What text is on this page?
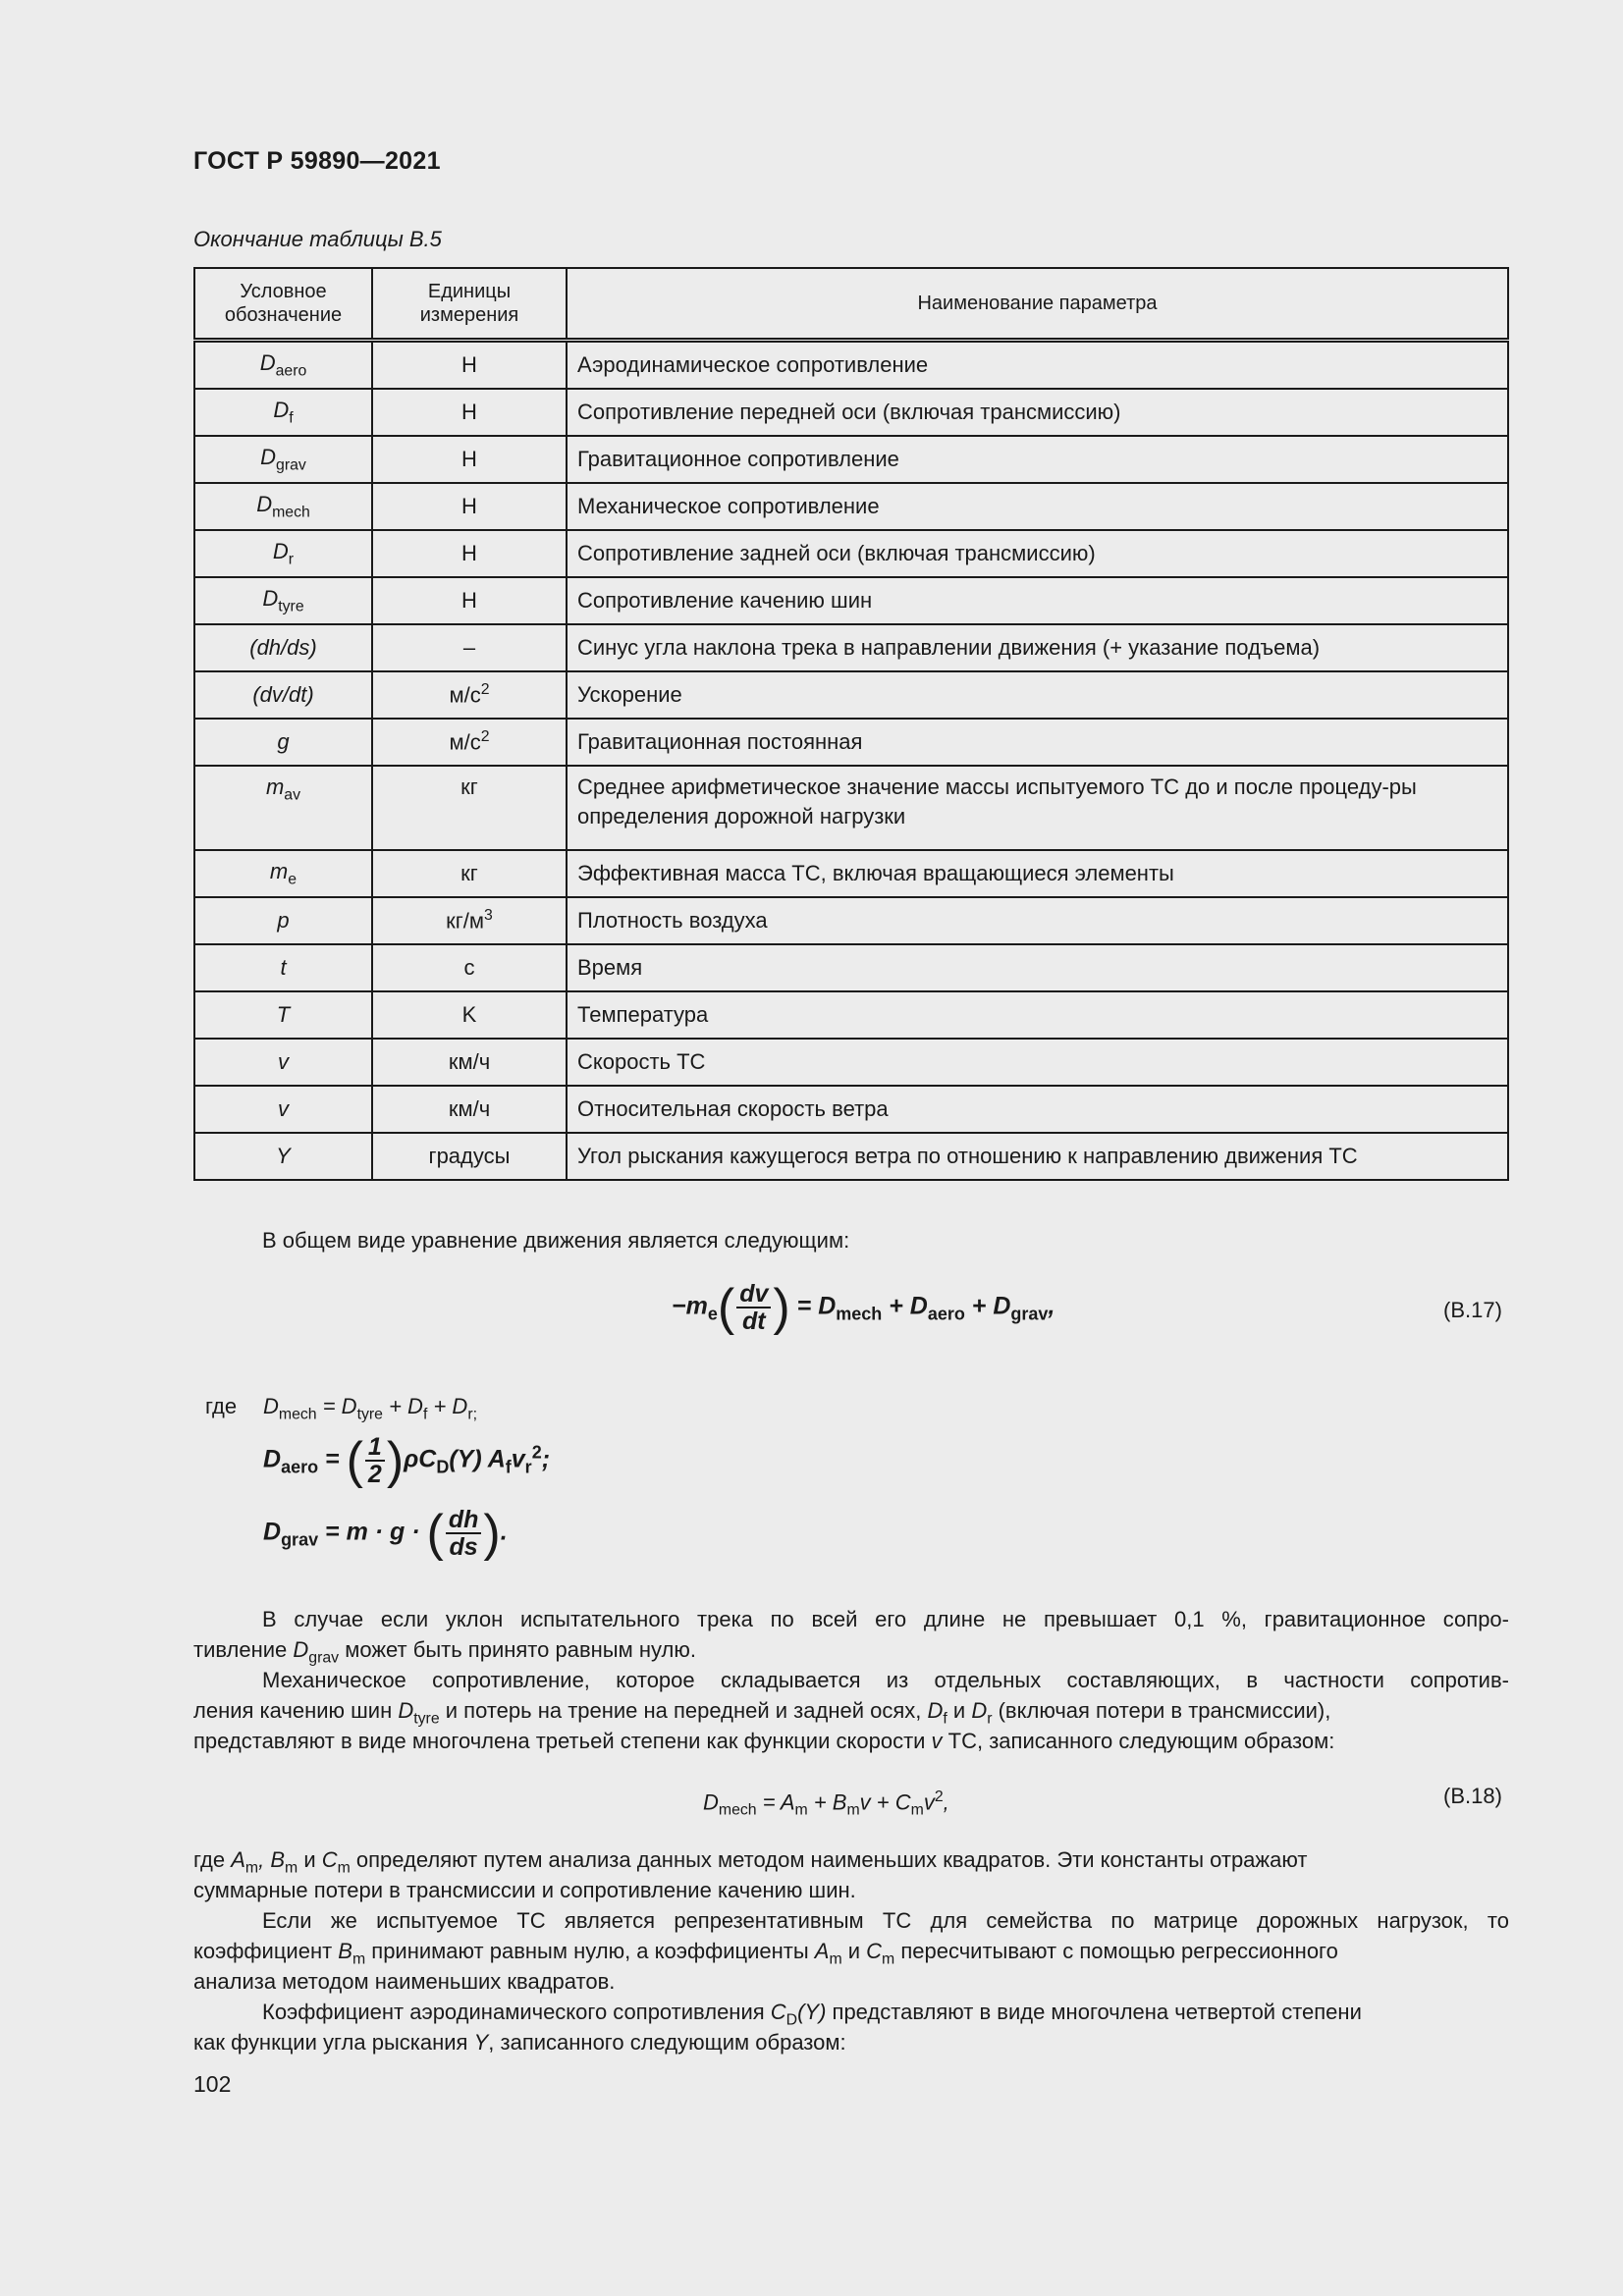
ГОСТ Р 59890—2021
Окончание таблицы В.5
Условное обозначение	Единицы измерения	Наименование параметра
$D_{aero}$	Н	Аэродинамическое сопротивление
$D_f$	Н	Сопротивление передней оси (включая трансмиссию)
$D_{grav}$	Н	Гравитационное сопротивление
$D_{mech}$	Н	Механическое сопротивление
$D_r$	Н	Сопротивление задней оси (включая трансмиссию)
$D_{tyre}$	Н	Сопротивление качению шин
(dh/ds)	–	Синус угла наклона трека в направлении движения (+ указание подъема)
(dv/dt)	$м/с^2$	Ускорение
g	$м/с^2$	Гравитационная постоянная
$m_{av}$	кг	Среднее арифметическое значение массы испытуемого ТС до и после процеду-ры определения дорожной нагрузки
$m_e$	кг	Эффективная масса ТС, включая вращающиеся элементы
p	$кг/м^3$	Плотность воздуха
t	с	Время
T	K	Температура
v	км/ч	Скорость ТС
v	км/ч	Относительная скорость ветра
Y	градусы	Угол рыскания кажущегося ветра по отношению к направлению движения ТС
В общем виде уравнение движения является следующим:
$-m_e( \frac{dv}{dt}$ ) = $D_{mech} + D_{aero} + D_{grav}$,	(В.17)
где $D_{mech} = D_{tyre} + D_f + D_{r;}$
$D_{aero}$ = ( $\frac{1}{2} )\rho C_D(Y)$ $A_fv_r^2$;
$D_{grav} = m \cdot g$ · ( $\frac{dh}{ds}$ ).
В случае если уклон испытательного трека по всей его длине не превышает 0,1 %, гравитационное сопро-
тивление $D_{grav}$ может быть принято равным нулю.
Механическое сопротивление, которое складывается из отдельных составляющих, в частности сопротив-
ления качению шин $D_{tyre}$ и потерь на трение на передней и задней осях, $D_f$ и $D_r$ (включая потери в трансмиссии),
представляют в виде многочлена третьей степени как функции скорости v ТС, записанного следующим образом:
$D_{mech} = A_m + B_mv + C_mv^2$,	(В.18)
где $A_m$, $B_m$ и $C_m$ определяют путем анализа данных методом наименьших квадратов. Эти константы отражают
суммарные потери в трансмиссии и сопротивление качению шин.
Если же испытуемое ТС является репрезентативным ТС для семейства по матрице дорожных нагрузок, то
коэффициент $B_m$ принимают равным нулю, а коэффициенты $A_m$ и $C_m$ пересчитывают с помощью регрессионного
анализа методом наименьших квадратов.
Коэффициент аэродинамического сопротивления $C_D(Y)$ представляют в виде многочлена четвертой степени
как функции угла рыскания Y, записанного следующим образом:
102
